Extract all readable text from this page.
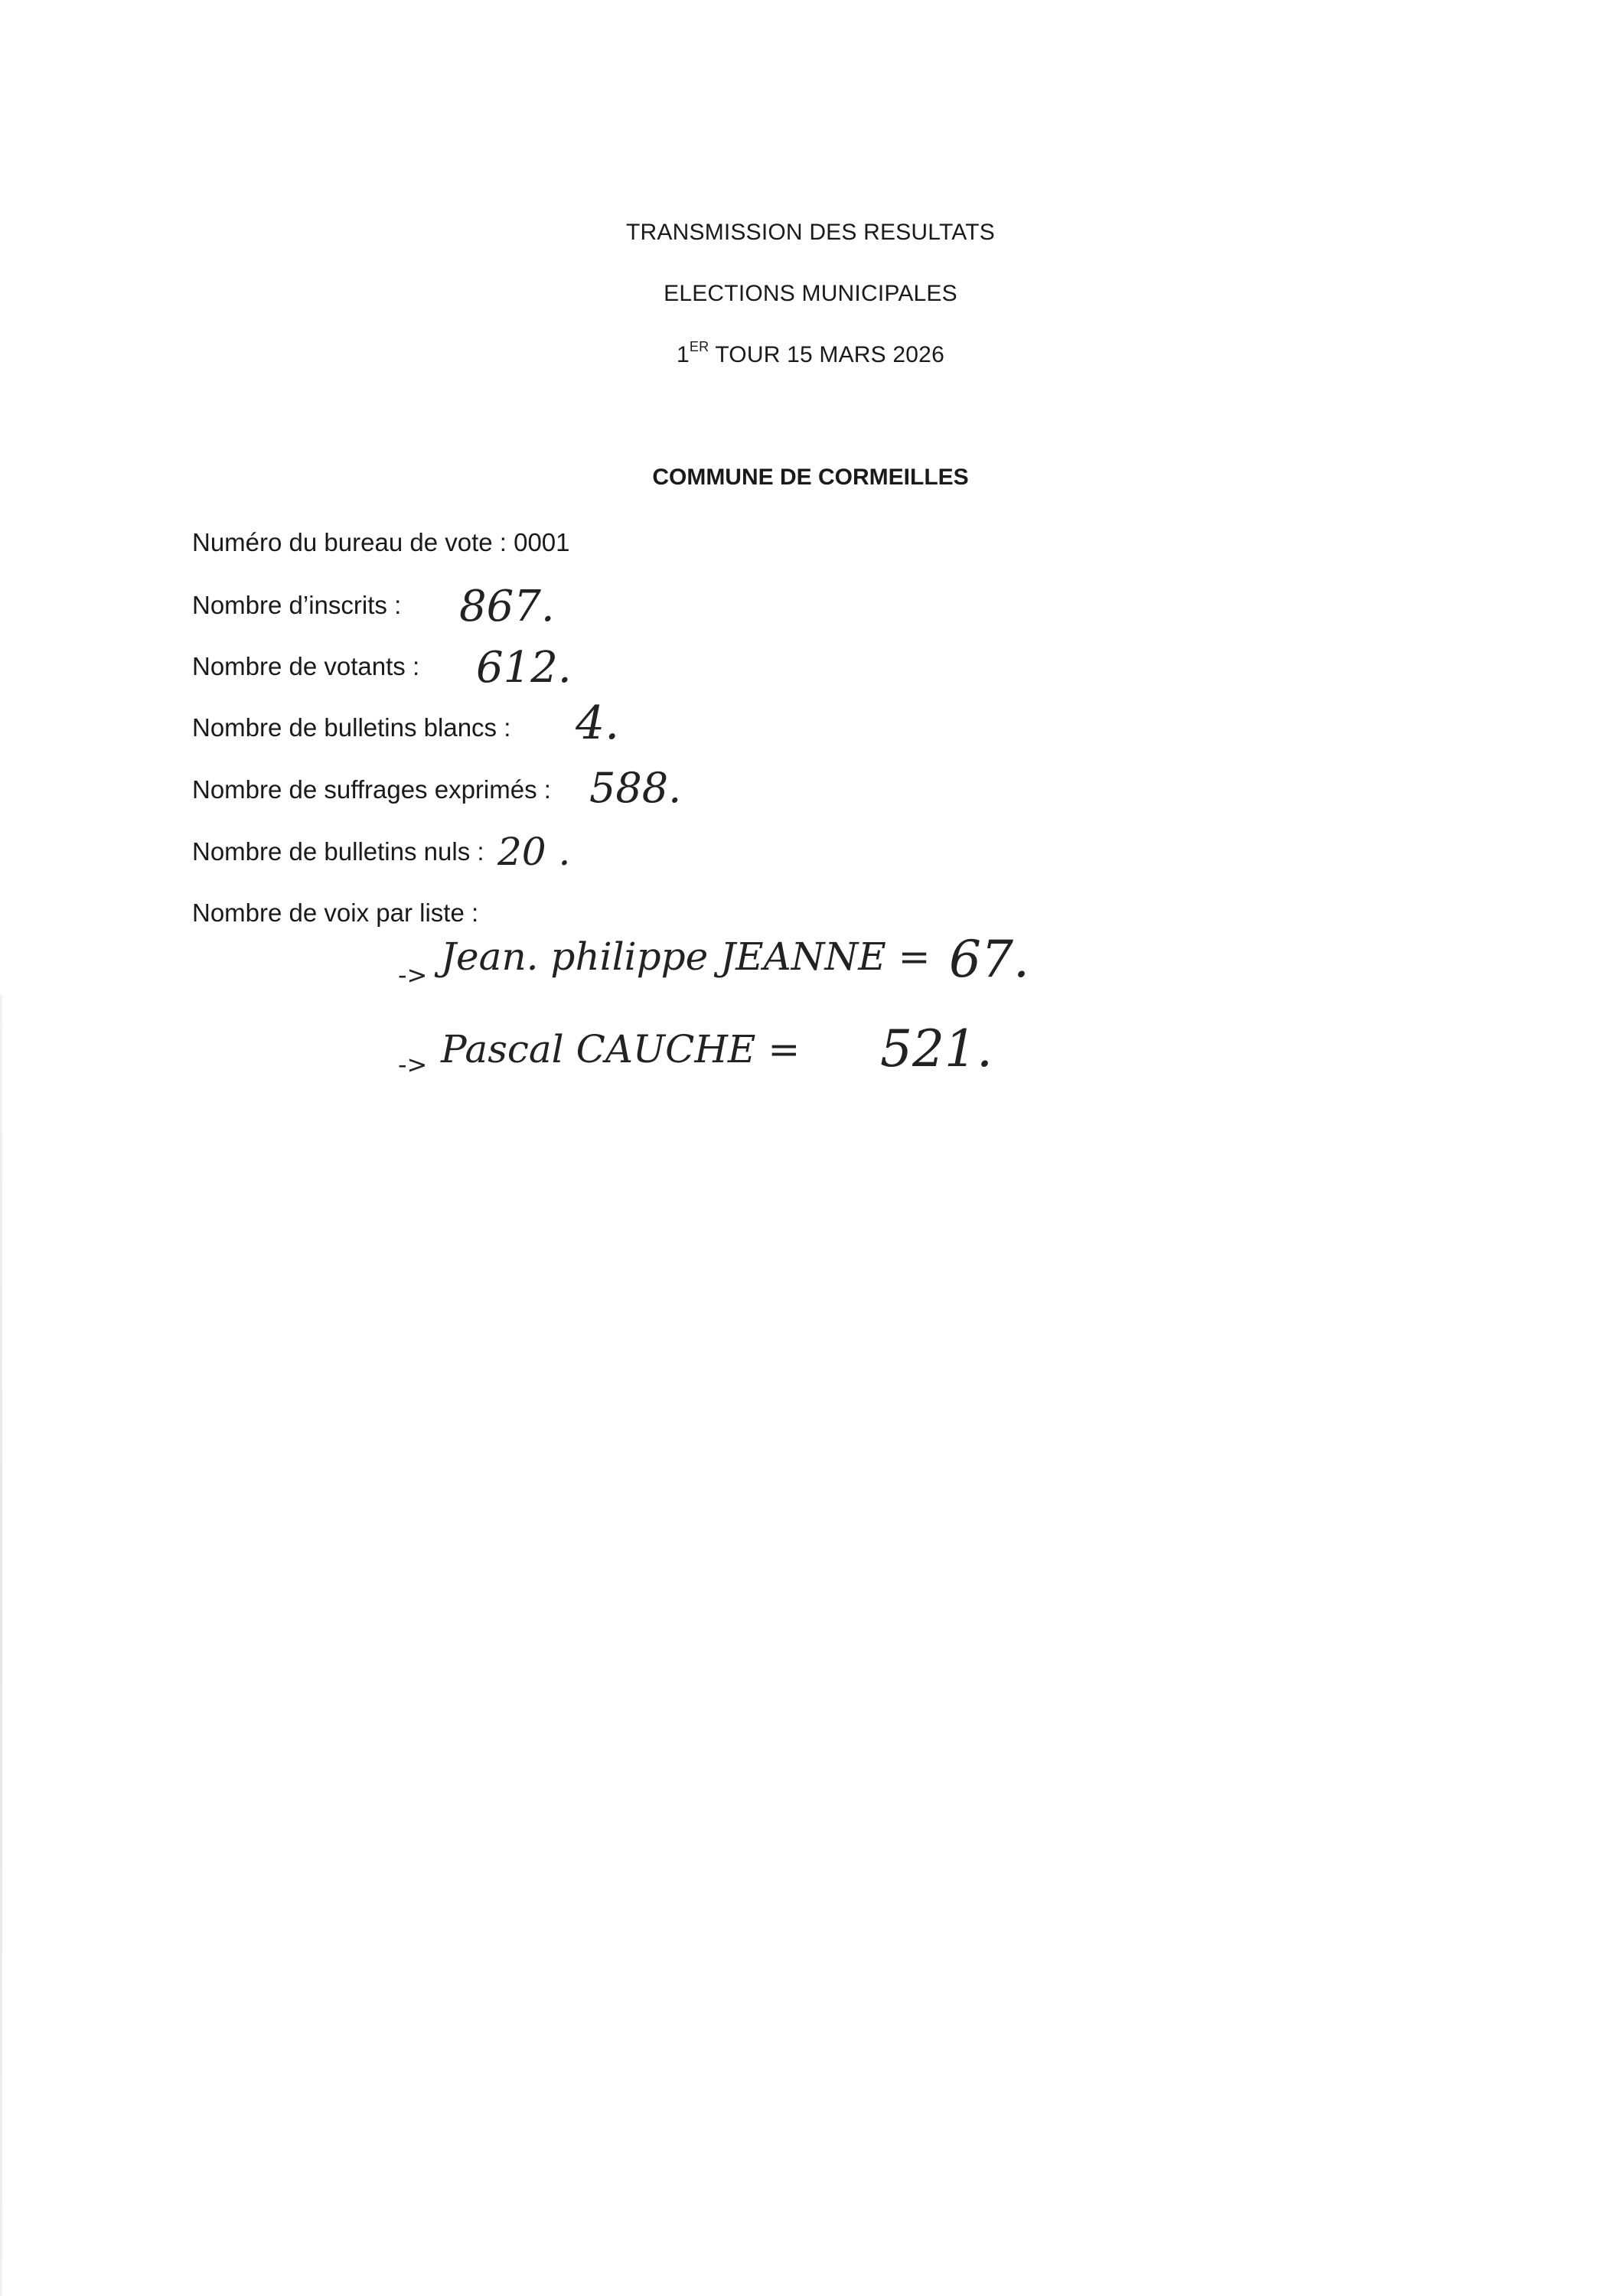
TRANSMISSION DES RESULTATS
ELECTIONS MUNICIPALES
1ER TOUR 15 MARS 2026
COMMUNE DE CORMEILLES
Numéro du bureau de vote : 0001
Nombre d’inscrits :
Nombre de votants :
Nombre de bulletins blancs :
Nombre de suffrages exprimés :
Nombre de bulletins nuls :
Nombre de voix par liste :
867.
612.
4.
588.
20 .
-> Jean. philippe JEANNE = 67.
-> Pascal CAUCHE = 521.
